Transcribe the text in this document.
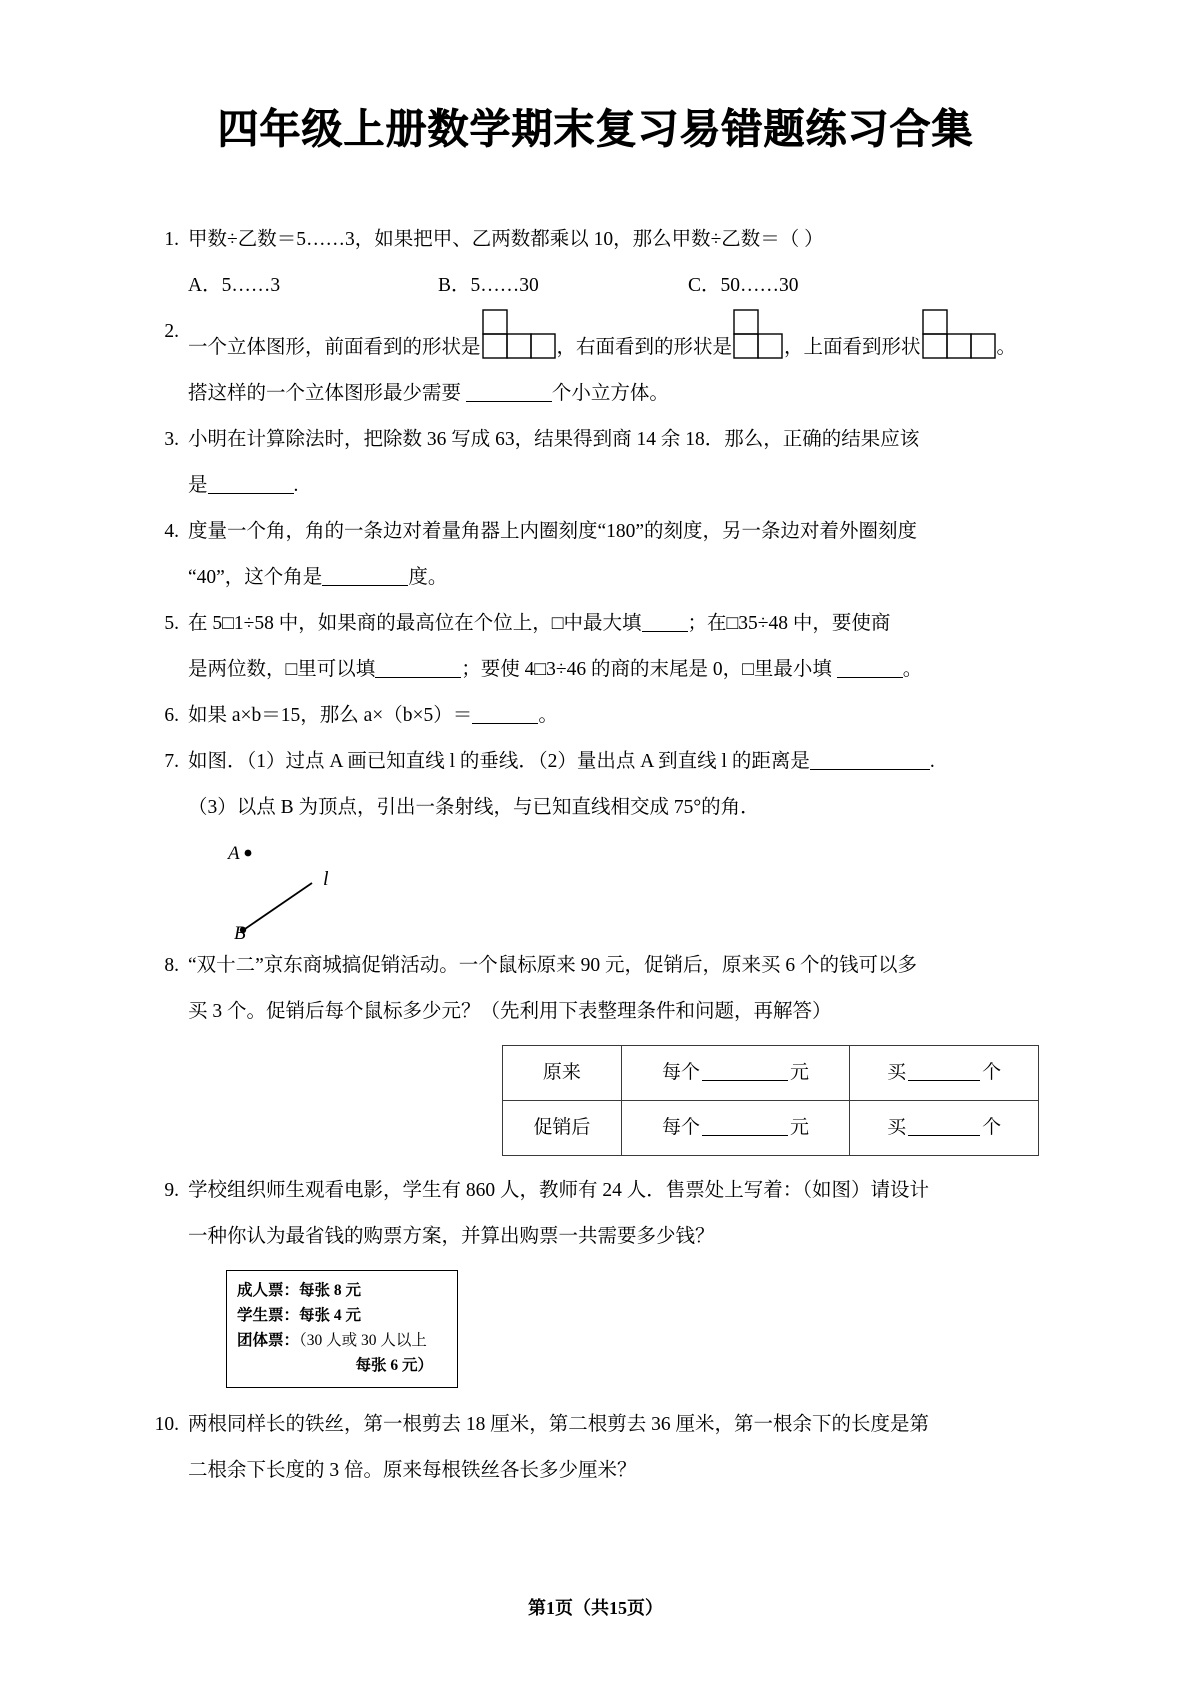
四年级上册数学期末复习易错题练习合集
1. 甲数÷乙数＝5……3，如果把甲、乙两数都乘以 10，那么甲数÷乙数＝（ ）
A．5……3	B．5……30	C．50……30
2.
一个立体图形，前面看到的形状是	，右面看到的形状是	，上面看到形状	。
搭这样的一个立体图形最少需要	个小立方体。
3. 小明在计算除法时，把除数 36 写成 63，结果得到商 14 余 18．那么，正确的结果应该
是	.
4. 度量一个角，角的一条边对着量角器上内圈刻度“180”的刻度，另一条边对着外圈刻度
“40”，这个角是	度。
5. 在 5□1÷58 中，如果商的最高位在个位上，□中最大填 ；在□35÷48 中，要使商
是两位数，□里可以填	；要使 4□3÷46 的商的末尾是 0，□里最小填	。
6. 如果 a×b＝15，那么 a×（b×5）＝	。
7. 如图．（1）过点 A 画已知直线 l 的垂线．（2）量出点 A 到直线 l 的距离是	.
（3）以点 B 为顶点，引出一条射线，与已知直线相交成 75°的角．
A
l
B
8. “双十二”京东商城搞促销活动。一个鼠标原来 90 元，促销后，原来买 6 个的钱可以多
买 3 个。促销后每个鼠标多少元？（先利用下表整理条件和问题，再解答）
原来	每个 元	买 个
促销后	每个 元	买 个
9. 学校组织师生观看电影，学生有 860 人，教师有 24 人．售票处上写着：（如图）请设计
一种你认为最省钱的购票方案，并算出购票一共需要多少钱？
成人票：每张 8 元
学生票：每张 4 元
团体票：（30 人或 30 人以上
每张 6 元）
10. 两根同样长的铁丝，第一根剪去 18 厘米，第二根剪去 36 厘米，第一根余下的长度是第
二根余下长度的 3 倍。原来每根铁丝各长多少厘米？
第1页（共15页）
